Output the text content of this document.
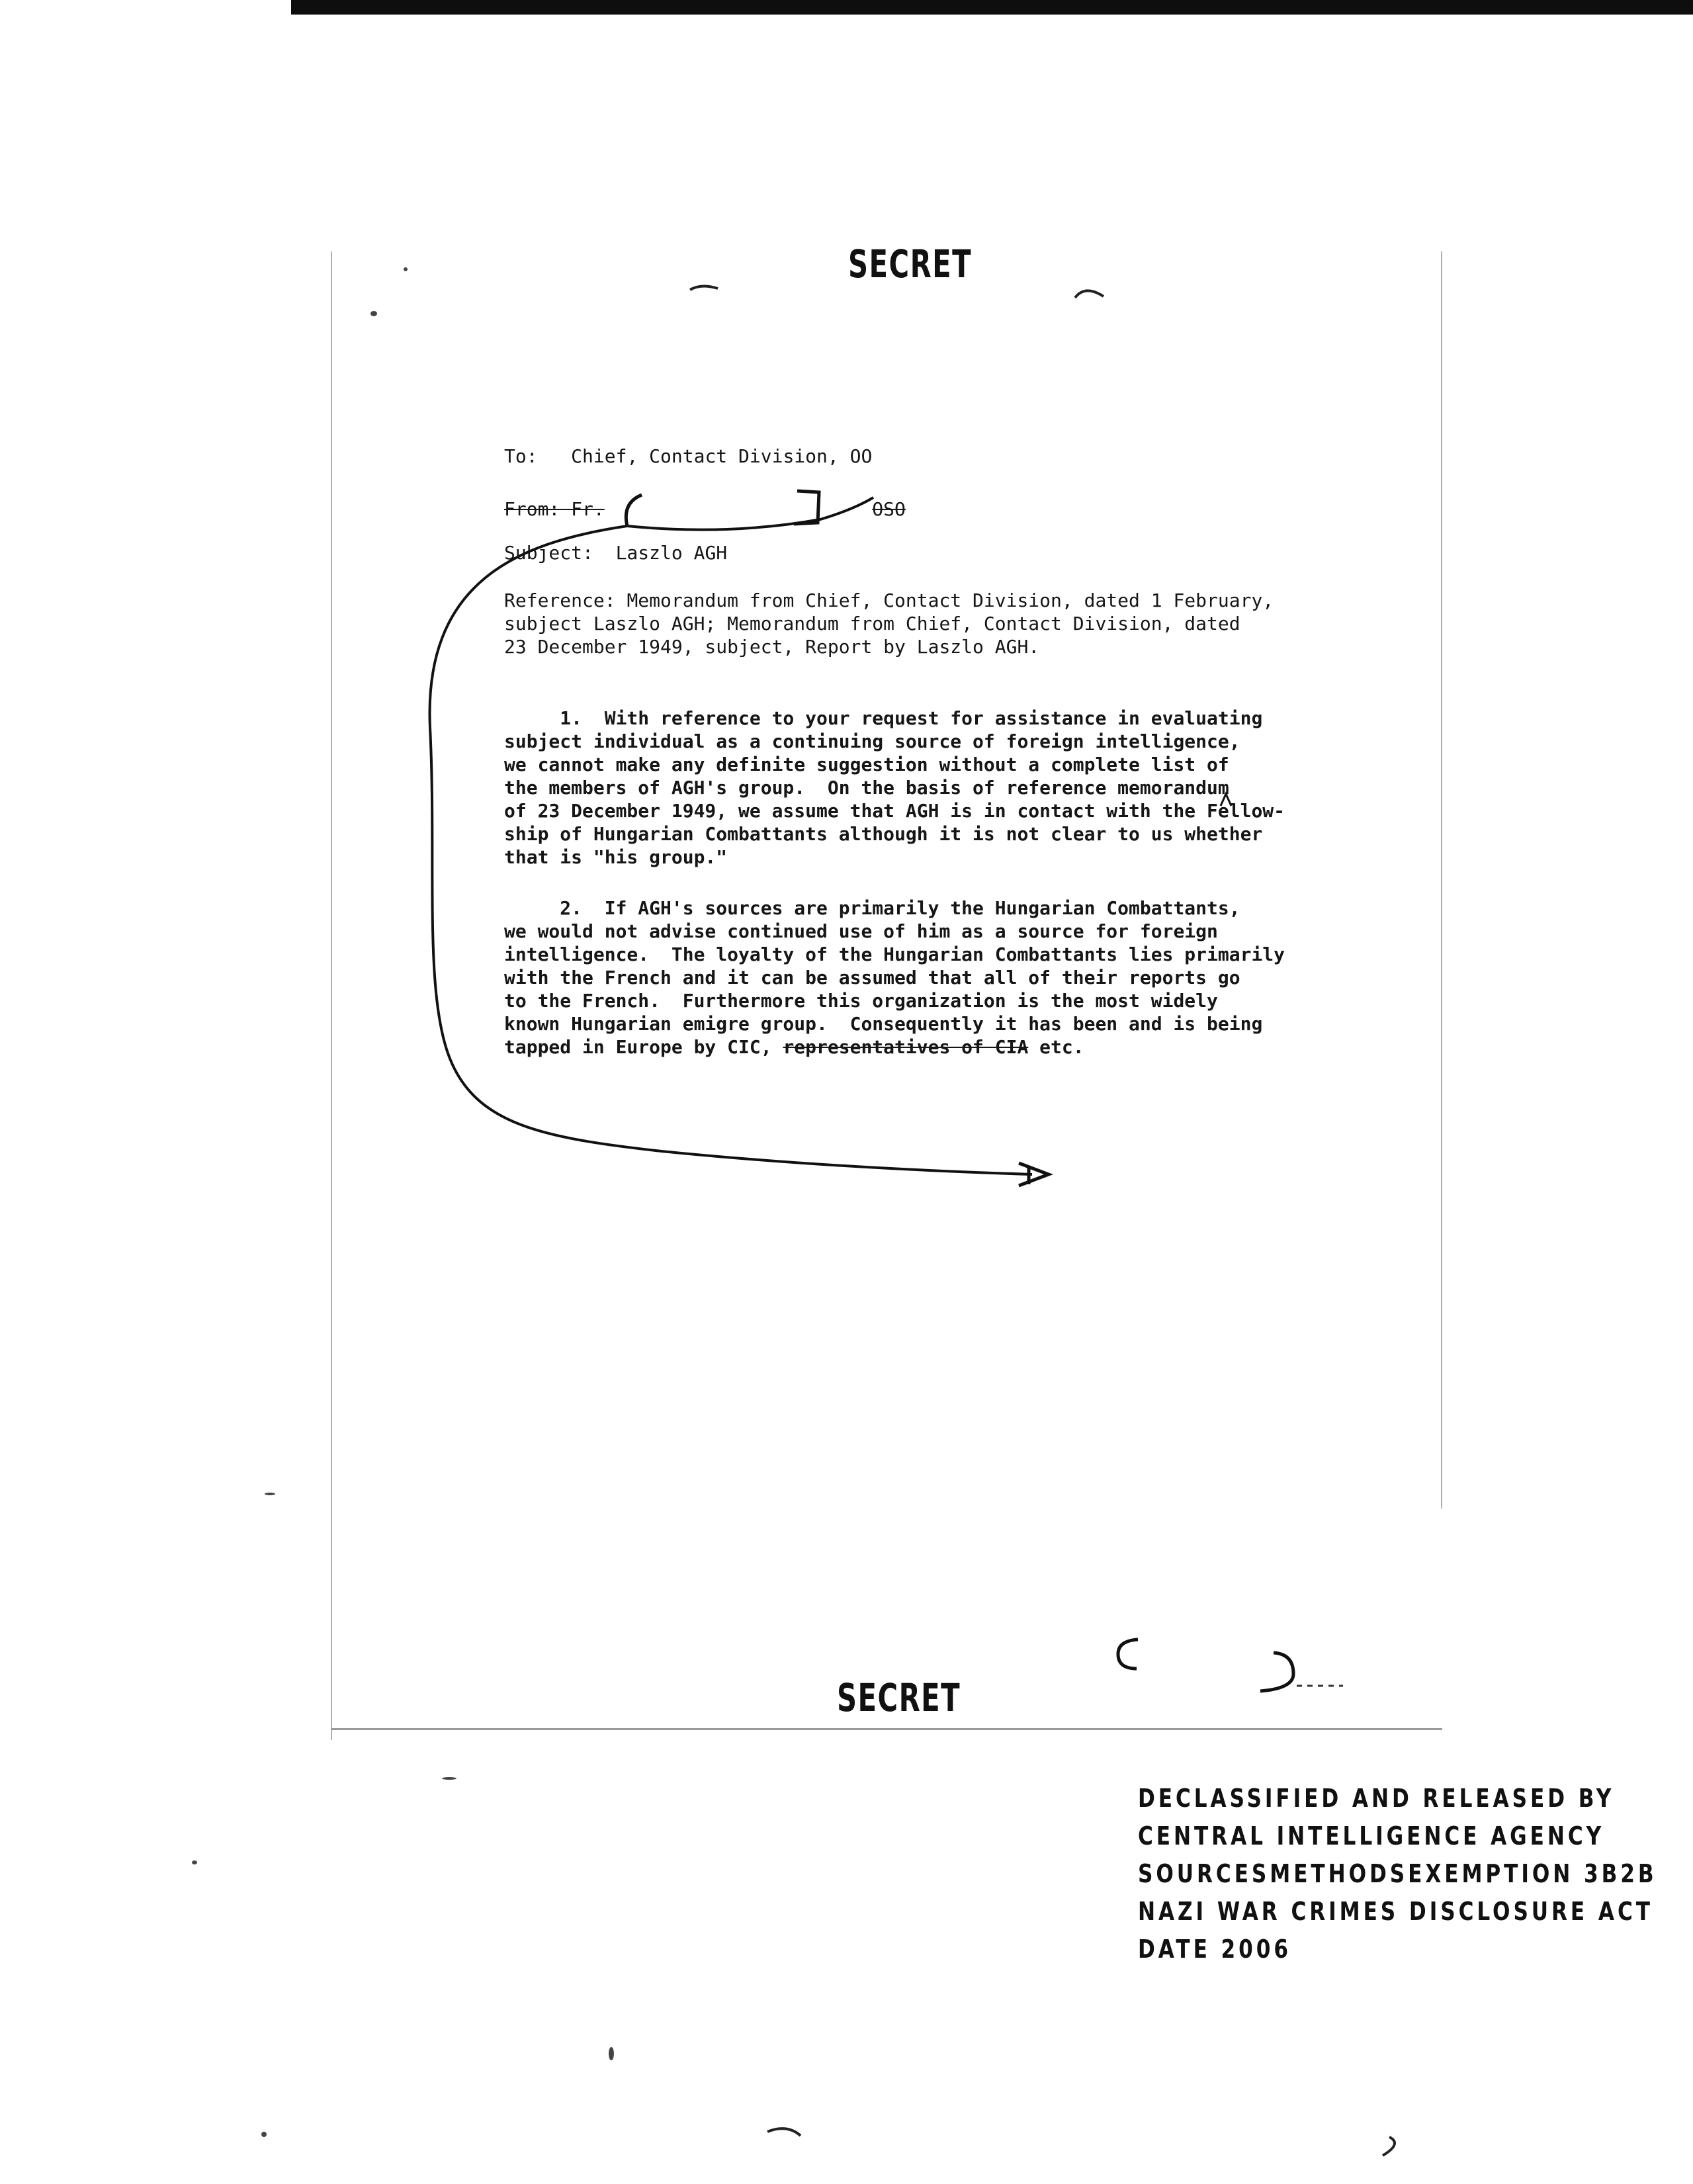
SECRET
To: Chief, Contact Division, OO
From: Fr.	OSO
Subject: Laszlo AGH
Reference: Memorandum from Chief, Contact Division, dated 1 February,
subject Laszlo AGH; Memorandum from Chief, Contact Division, dated
23 December 1949, subject, Report by Laszlo AGH.
1.  With reference to your request for assistance in evaluating
subject individual as a continuing source of foreign intelligence,
we cannot make any definite suggestion without a complete list of
the members of AGH's group.  On the basis of reference memorandum
of 23 December 1949, we assume that AGH is in contact with the Fellow-
ship of Hungarian Combattants although it is not clear to us whether
that is "his group."
2.  If AGH's sources are primarily the Hungarian Combattants,
we would not advise continued use of him as a source for foreign
intelligence.  The loyalty of the Hungarian Combattants lies primarily
with the French and it can be assumed that all of their reports go
to the French.  Furthermore this organization is the most widely
known Hungarian emigre group.  Consequently it has been and is being
tapped in Europe by CIC, representatives of CIA etc.
SECRET
DECLASSIFIED AND RELEASED BY
CENTRAL INTELLIGENCE AGENCY
SOURCESMETHODSEXEMPTION 3B2B
NAZI WAR CRIMES DISCLOSURE ACT
DATE 2006
